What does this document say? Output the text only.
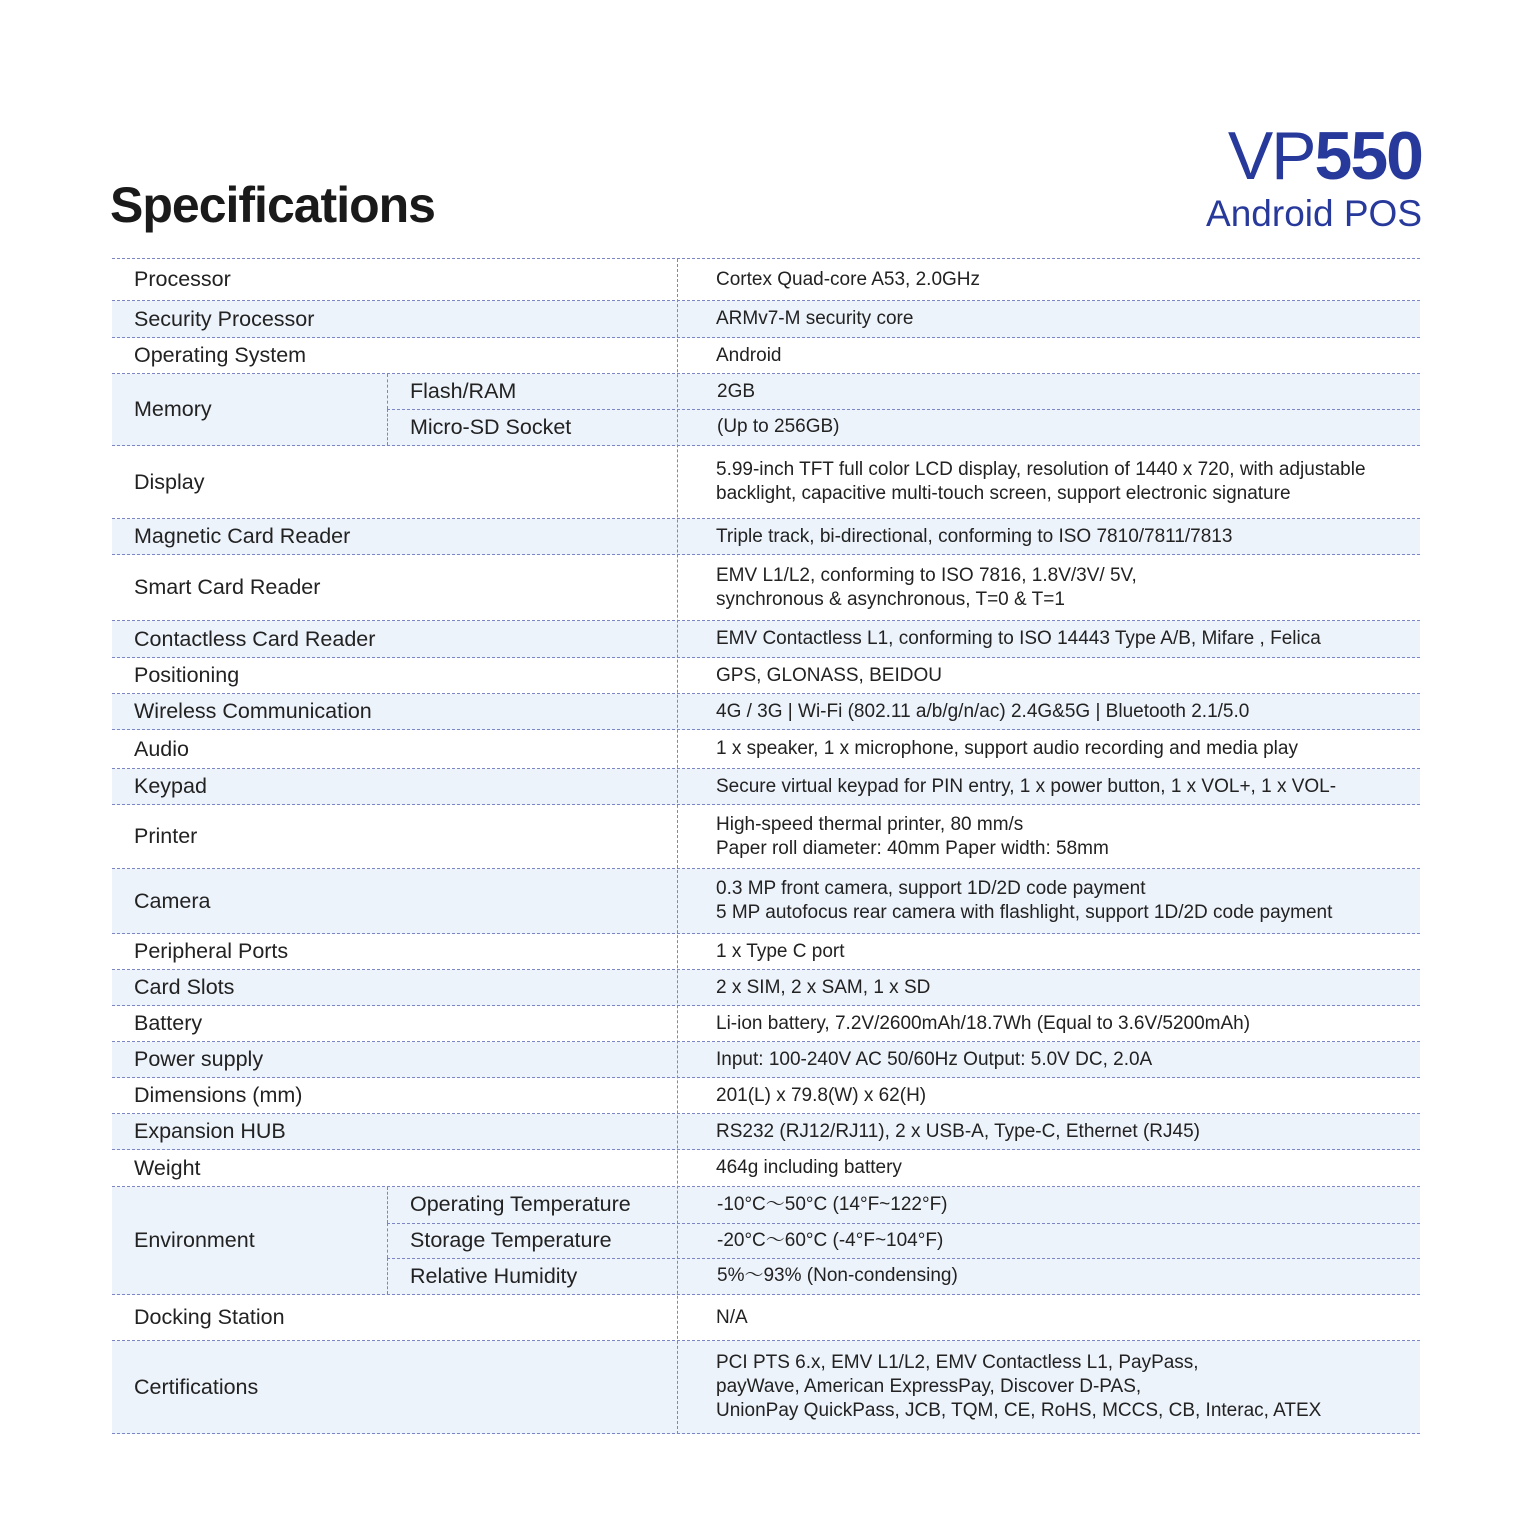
Specifications
VP550
Android POS
Processor	Cortex Quad-core A53, 2.0GHz
Security Processor	ARMv7-M security core
Operating System	Android
Memory
Flash/RAM	2GB
Micro-SD Socket	(Up to 256GB)
Display	5.99-inch TFT full color LCD display, resolution of 1440 x 720, with adjustable
backlight, capacitive multi-touch screen, support electronic signature
Magnetic Card Reader	Triple track, bi-directional, conforming to ISO 7810/7811/7813
Smart Card Reader	EMV L1/L2, conforming to ISO 7816, 1.8V/3V/ 5V,
synchronous & asynchronous, T=0 & T=1
Contactless Card Reader	EMV Contactless L1, conforming to ISO 14443 Type A/B, Mifare , Felica
Positioning	GPS, GLONASS, BEIDOU
Wireless Communication	4G / 3G | Wi-Fi (802.11 a/b/g/n/ac) 2.4G&5G | Bluetooth 2.1/5.0
Audio	1 x speaker, 1 x microphone, support audio recording and media play
Keypad	Secure virtual keypad for PIN entry, 1 x power button, 1 x VOL+, 1 x VOL-
Printer	High-speed thermal printer, 80 mm/s
Paper roll diameter: 40mm Paper width: 58mm
Camera	0.3 MP front camera, support 1D/2D code payment
5 MP autofocus rear camera with flashlight, support 1D/2D code payment
Peripheral Ports	1 x Type C port
Card Slots	2 x SIM, 2 x SAM, 1 x SD
Battery	Li-ion battery, 7.2V/2600mAh/18.7Wh (Equal to 3.6V/5200mAh)
Power supply	Input: 100-240V AC 50/60Hz Output: 5.0V DC, 2.0A
Dimensions (mm)	201(L) x 79.8(W) x 62(H)
Expansion HUB	RS232 (RJ12/RJ11), 2 x USB-A, Type-C, Ethernet (RJ45)
Weight	464g including battery
Environment
Operating Temperature	-10°C～50°C (14°F~122°F)
Storage Temperature	-20°C～60°C (-4°F~104°F)
Relative Humidity	5%～93% (Non-condensing)
Docking Station	N/A
Certifications
PCI PTS 6.x, EMV L1/L2, EMV Contactless L1, PayPass,
payWave, American ExpressPay, Discover D-PAS,
UnionPay QuickPass, JCB, TQM, CE, RoHS, MCCS, CB, Interac, ATEX
